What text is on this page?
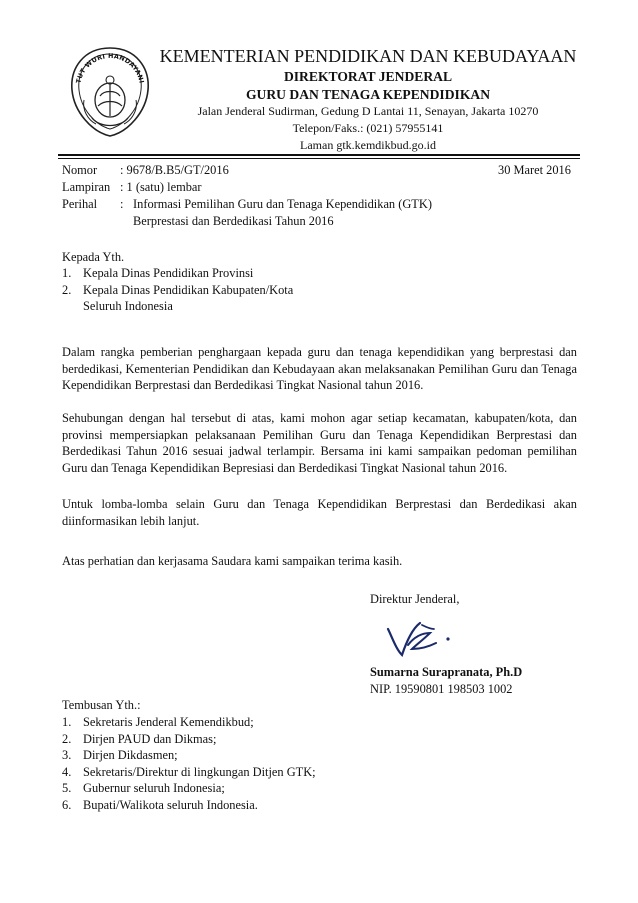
TUT WURI HANDAYANI
KEMENTERIAN PENDIDIKAN DAN KEBUDAYAAN
DIREKTORAT JENDERAL
GURU DAN TENAGA KEPENDIDIKAN
Jalan Jenderal Sudirman, Gedung D Lantai 11, Senayan, Jakarta 10270
Telepon/Faks.: (021) 57955141
Laman gtk.kemdikbud.go.id
Nomor : 9678/B.B5/GT/2016	30 Maret 2016
Lampiran : 1 (satu) lembar
Perihal : Informasi Pemilihan Guru dan Tenaga Kependidikan (GTK)
Berprestasi dan Berdedikasi Tahun 2016
Kepada Yth.
1. Kepala Dinas Pendidikan Provinsi
2. Kepala Dinas Pendidikan Kabupaten/Kota
Seluruh Indonesia

Dalam rangka pemberian penghargaan kepada guru dan tenaga kependidikan yang berprestasi dan berdedikasi, Kementerian Pendidikan dan Kebudayaan akan melaksanakan Pemilihan Guru dan Tenaga Kependidikan Berprestasi dan Berdedikasi Tingkat Nasional tahun 2016.

Sehubungan dengan hal tersebut di atas, kami mohon agar setiap kecamatan, kabupaten/kota, dan provinsi mempersiapkan pelaksanaan Pemilihan Guru dan Tenaga Kependidikan Berprestasi dan Berdedikasi Tahun 2016 sesuai jadwal terlampir. Bersama ini kami sampaikan pedoman pemilihan Guru dan Tenaga Kependidikan Bepresiasi dan Berdedikasi Tingkat Nasional tahun 2016.

Untuk lomba-lomba selain Guru dan Tenaga Kependidikan Berprestasi dan Berdedikasi akan diinformasikan lebih lanjut.

Atas perhatian dan kerjasama Saudara kami sampaikan terima kasih.

Direktur Jenderal,
Sumarna Surapranata, Ph.D
NIP. 19590801 198503 1002
Tembusan Yth.:
1. Sekretaris Jenderal Kemendikbud;
2. Dirjen PAUD dan Dikmas;
3. Dirjen Dikdasmen;
4. Sekretaris/Direktur di lingkungan Ditjen GTK;
5. Gubernur seluruh Indonesia;
6. Bupati/Walikota seluruh Indonesia.
